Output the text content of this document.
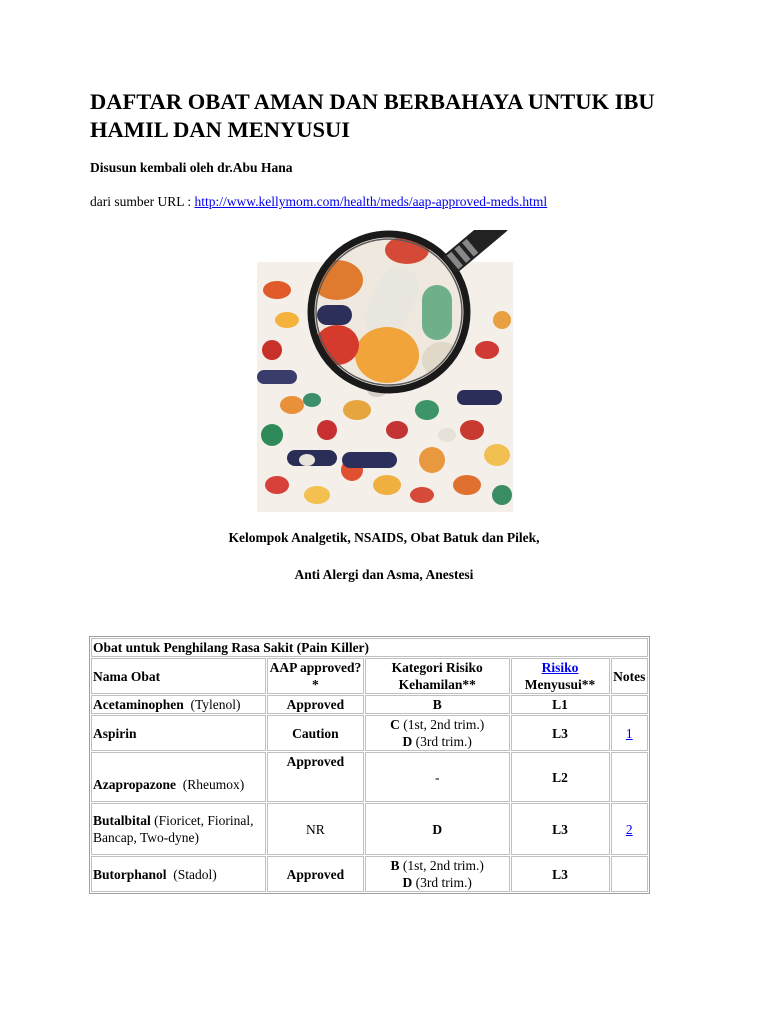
DAFTAR OBAT AMAN DAN BERBAHAYA UNTUK IBU HAMIL DAN MENYUSUI

Disusun kembali oleh dr.Abu Hana

dari sumber URL : http://www.kellymom.com/health/meds/aap-approved-meds.html

Kelompok Analgetik, NSAIDS, Obat Batuk dan Pilek,

Anti Alergi dan Asma, Anestesi

Obat untuk Penghilang Rasa Sakit (Pain Killer)				
Nama Obat	AAP approved?*	Kategori Risiko Kehamilan**	Risiko
Menyusui**	Notes
Acetaminophen (Tylenol)	Approved	B	L1	
Aspirin	Caution	C (1st, 2nd trim.)
D (3rd trim.)	L3	1
Azapropazone (Rheumox)	Approved	-	L2	
Butalbital (Fioricet, Fiorinal, Bancap, Two-dyne)	NR	D	L3	2
Butorphanol (Stadol)	Approved	B (1st, 2nd trim.)
D (3rd trim.)	L3	
